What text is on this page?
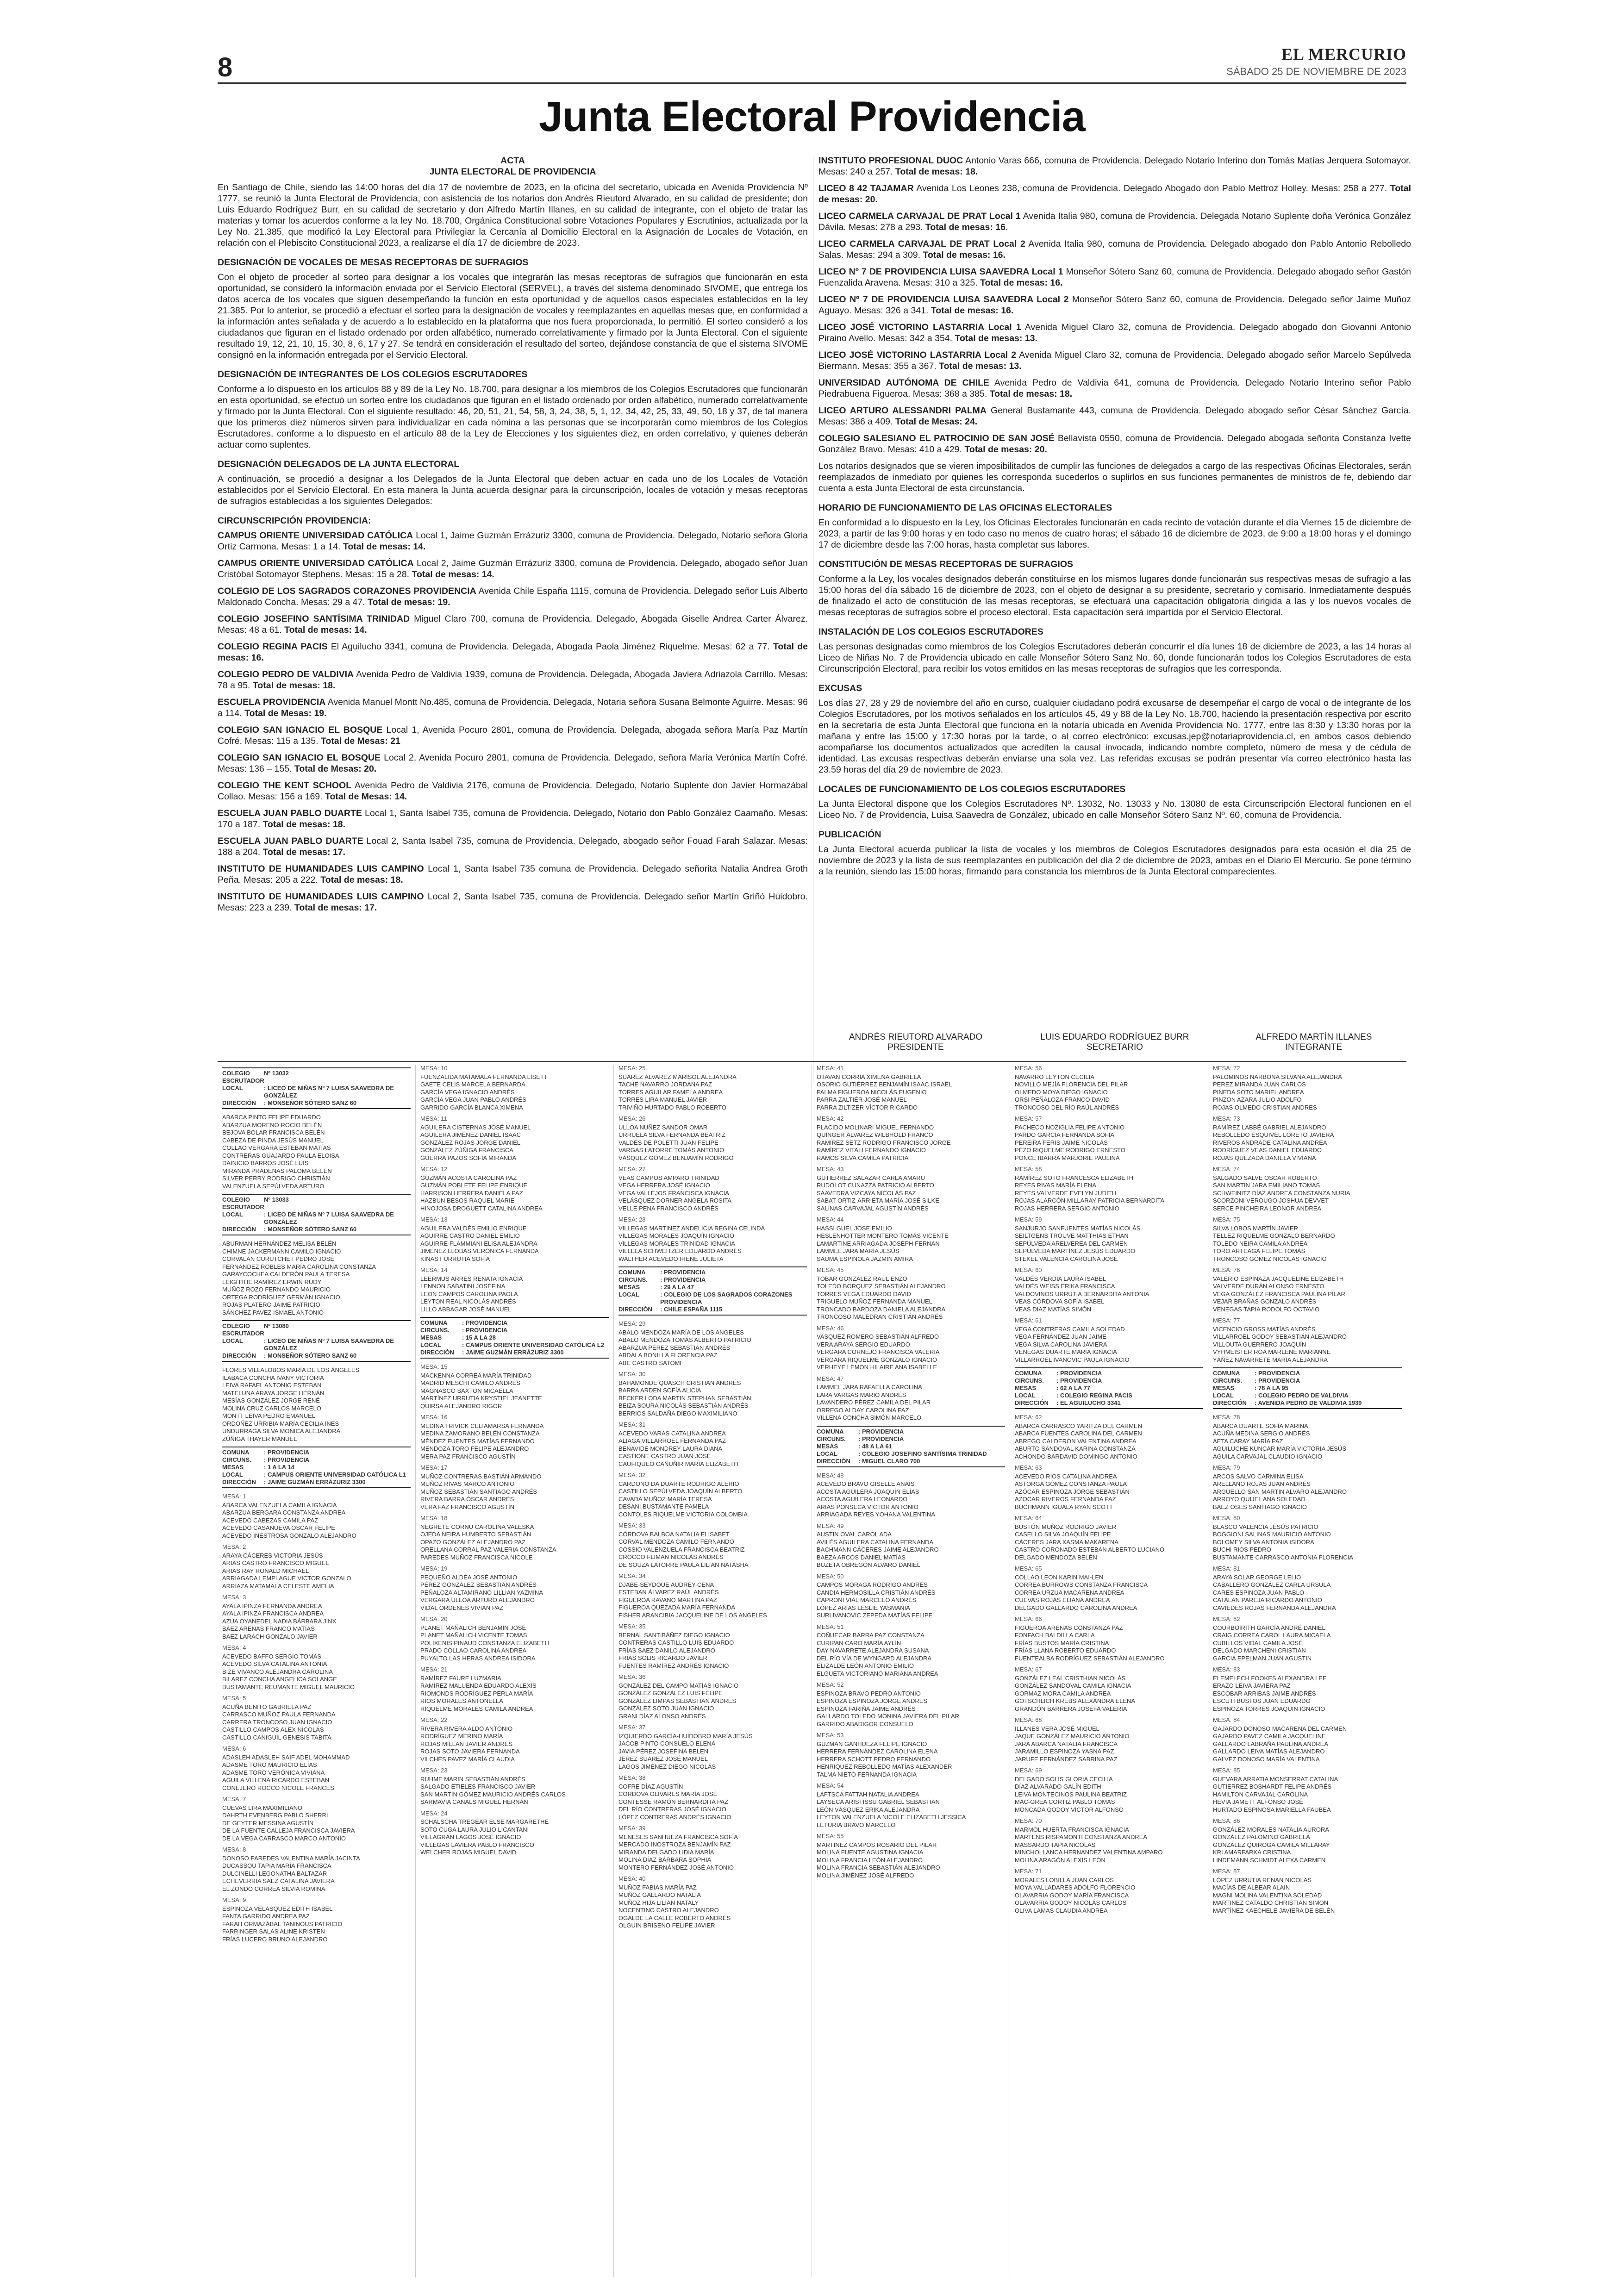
8	EL MERCURIO
SÁBADO 25 DE NOVIEMBRE DE 2023
Junta Electoral Providencia
ACTA
JUNTA ELECTORAL DE PROVIDENCIA

En Santiago de Chile, siendo las 14:00 horas del día 17 de noviembre de 2023, en la oficina del secretario, ubicada en Avenida Providencia Nº 1777, se reunió la Junta Electoral de Providencia, con asistencia de los notarios don Andrés Rieutord Alvarado, en su calidad de presidente; don Luis Eduardo Rodríguez Burr, en su calidad de secretario y don Alfredo Martín Illanes, en su calidad de integrante, con el objeto de tratar las materias y tomar los acuerdos conforme a la ley No. 18.700, Orgánica Constitucional sobre Votaciones Populares y Escrutinios, actualizada por la Ley No. 21.385, que modificó la Ley Electoral para Privilegiar la Cercanía al Domicilio Electoral en la Asignación de Locales de Votación, en relación con el Plebiscito Constitucional 2023, a realizarse el día 17 de diciembre de 2023.

DESIGNACIÓN DE VOCALES DE MESAS RECEPTORAS DE SUFRAGIOS

Con el objeto de proceder al sorteo para designar a los vocales que integrarán las mesas receptoras de sufragios que funcionarán en esta oportunidad, se consideró la información enviada por el Servicio Electoral (SERVEL), a través del sistema denominado SIVOME, que entrega los datos acerca de los vocales que siguen desempeñando la función en esta oportunidad y de aquellos casos especiales establecidos en la ley 21.385. Por lo anterior, se procedió a efectuar el sorteo para la designación de vocales y reemplazantes en aquellas mesas que, en conformidad a la información antes señalada y de acuerdo a lo establecido en la plataforma que nos fuera proporcionada, lo permitió. El sorteo consideró a los ciudadanos que figuran en el listado ordenado por orden alfabético, numerado correlativamente y firmado por la Junta Electoral. Con el siguiente resultado 19, 12, 21, 10, 15, 30, 8, 6, 17 y 27. Se tendrá en consideración el resultado del sorteo, dejándose constancia de que el sistema SIVOME consignó en la información entregada por el Servicio Electoral.

DESIGNACIÓN DE INTEGRANTES DE LOS COLEGIOS ESCRUTADORES

Conforme a lo dispuesto en los artículos 88 y 89 de la Ley No. 18.700, para designar a los miembros de los Colegios Escrutadores que funcionarán en esta oportunidad, se efectuó un sorteo entre los ciudadanos que figuran en el listado ordenado por orden alfabético, numerado correlativamente y firmado por la Junta Electoral. Con el siguiente resultado: 46, 20, 51, 21, 54, 58, 3, 24, 38, 5, 1, 12, 34, 42, 25, 33, 49, 50, 18 y 37, de tal manera que los primeros diez números sirven para individualizar en cada nómina a las personas que se incorporarán como miembros de los Colegios Escrutadores, conforme a lo dispuesto en el artículo 88 de la Ley de Elecciones y los siguientes diez, en orden correlativo, y quienes deberán actuar como suplentes.

DESIGNACIÓN DELEGADOS DE LA JUNTA ELECTORAL

A continuación, se procedió a designar a los Delegados de la Junta Electoral que deben actuar en cada uno de los Locales de Votación establecidos por el Servicio Electoral. En esta manera la Junta acuerda designar para la circunscripción, locales de votación y mesas receptoras de sufragios establecidas a los siguientes Delegados:

CIRCUNSCRIPCIÓN PROVIDENCIA:

CAMPUS ORIENTE UNIVERSIDAD CATÓLICA Local 1, Jaime Guzmán Errázuriz 3300, comuna de Providencia. Delegado, Notario señora Gloria Ortiz Carmona. Mesas: 1 a 14. Total de mesas: 14.

CAMPUS ORIENTE UNIVERSIDAD CATÓLICA Local 2, Jaime Guzmán Errázuriz 3300, comuna de Providencia. Delegado, abogado señor Juan Cristóbal Sotomayor Stephens. Mesas: 15 a 28. Total de mesas: 14.

COLEGIO DE LOS SAGRADOS CORAZONES PROVIDENCIA Avenida Chile España 1115, comuna de Providencia. Delegado señor Luis Alberto Maldonado Concha. Mesas: 29 a 47. Total de mesas: 19.

COLEGIO JOSEFINO SANTÍSIMA TRINIDAD Miguel Claro 700, comuna de Providencia. Delegado, Abogada Giselle Andrea Carter Álvarez. Mesas: 48 a 61. Total de mesas: 14.

COLEGIO REGINA PACIS El Aguilucho 3341, comuna de Providencia. Delegada, Abogada Paola Jiménez Riquelme. Mesas: 62 a 77. Total de mesas: 16.

COLEGIO PEDRO DE VALDIVIA Avenida Pedro de Valdivia 1939, comuna de Providencia. Delegada, Abogada Javiera Adriazola Carrillo. Mesas: 78 a 95. Total de mesas: 18.

ESCUELA PROVIDENCIA Avenida Manuel Montt No.485, comuna de Providencia. Delegada, Notaria señora Susana Belmonte Aguirre. Mesas: 96 a 114. Total de Mesas: 19.

COLEGIO SAN IGNACIO EL BOSQUE Local 1, Avenida Pocuro 2801, comuna de Providencia. Delegada, abogada señora María Paz Martín Cofré. Mesas: 115 a 135. Total de Mesas: 21

COLEGIO SAN IGNACIO EL BOSQUE Local 2, Avenida Pocuro 2801, comuna de Providencia. Delegado, señora María Verónica Martín Cofré. Mesas: 136 – 155. Total de Mesas: 20.

COLEGIO THE KENT SCHOOL Avenida Pedro de Valdivia 2176, comuna de Providencia. Delegado, Notario Suplente don Javier Hormazábal Collao. Mesas: 156 a 169. Total de Mesas: 14.

ESCUELA JUAN PABLO DUARTE Local 1, Santa Isabel 735, comuna de Providencia. Delegado, Notario don Pablo González Caamaño. Mesas: 170 a 187. Total de mesas: 18.

ESCUELA JUAN PABLO DUARTE Local 2, Santa Isabel 735, comuna de Providencia. Delegado, abogado señor Fouad Farah Salazar. Mesas: 188 a 204. Total de mesas: 17.

INSTITUTO DE HUMANIDADES LUIS CAMPINO Local 1, Santa Isabel 735 comuna de Providencia. Delegado señorita Natalia Andrea Groth Peña. Mesas: 205 a 222. Total de mesas: 18.

INSTITUTO DE HUMANIDADES LUIS CAMPINO Local 2, Santa Isabel 735, comuna de Providencia. Delegado señor Martín Griñó Huidobro. Mesas: 223 a 239. Total de mesas: 17.

INSTITUTO PROFESIONAL DUOC Antonio Varas 666, comuna de Providencia. Delegado Notario Interino don Tomás Matías Jerquera Sotomayor. Mesas: 240 a 257. Total de mesas: 18.

LICEO 8 42 TAJAMAR Avenida Los Leones 238, comuna de Providencia. Delegado Abogado don Pablo Mettroz Holley. Mesas: 258 a 277. Total de mesas: 20.

LICEO CARMELA CARVAJAL DE PRAT Local 1 Avenida Italia 980, comuna de Providencia. Delegada Notario Suplente doña Verónica González Dávila. Mesas: 278 a 293. Total de mesas: 16.

LICEO CARMELA CARVAJAL DE PRAT Local 2 Avenida Italia 980, comuna de Providencia. Delegado abogado don Pablo Antonio Rebolledo Salas. Mesas: 294 a 309. Total de mesas: 16.

LICEO Nº 7 DE PROVIDENCIA LUISA SAAVEDRA Local 1 Monseñor Sótero Sanz 60, comuna de Providencia. Delegado abogado señor Gastón Fuenzalida Aravena. Mesas: 310 a 325. Total de mesas: 16.

LICEO Nº 7 DE PROVIDENCIA LUISA SAAVEDRA Local 2 Monseñor Sótero Sanz 60, comuna de Providencia. Delegado señor Jaime Muñoz Aguayo. Mesas: 326 a 341. Total de mesas: 16.

LICEO JOSÉ VICTORINO LASTARRIA Local 1 Avenida Miguel Claro 32, comuna de Providencia. Delegado abogado don Giovanni Antonio Piraino Avello. Mesas: 342 a 354. Total de mesas: 13.

LICEO JOSÉ VICTORINO LASTARRIA Local 2 Avenida Miguel Claro 32, comuna de Providencia. Delegado abogado señor Marcelo Sepúlveda Biermann. Mesas: 355 a 367. Total de mesas: 13.

UNIVERSIDAD AUTÓNOMA DE CHILE Avenida Pedro de Valdivia 641, comuna de Providencia. Delegado Notario Interino señor Pablo Piedrabuena Figueroa. Mesas: 368 a 385. Total de mesas: 18.

LICEO ARTURO ALESSANDRI PALMA General Bustamante 443, comuna de Providencia. Delegado abogado señor César Sánchez García. Mesas: 386 a 409. Total de Mesas: 24.

COLEGIO SALESIANO EL PATROCINIO DE SAN JOSÉ Bellavista 0550, comuna de Providencia. Delegado abogada señorita Constanza Ivette González Bravo. Mesas: 410 a 429. Total de mesas: 20.

Los notarios designados que se vieren imposibilitados de cumplir las funciones de delegados a cargo de las respectivas Oficinas Electorales, serán reemplazados de inmediato por quienes les corresponda sucederlos o suplirlos en sus funciones permanentes de ministros de fe, debiendo dar cuenta a esta Junta Electoral de esta circunstancia.

HORARIO DE FUNCIONAMIENTO DE LAS OFICINAS ELECTORALES

En conformidad a lo dispuesto en la Ley, los Oficinas Electorales funcionarán en cada recinto de votación durante el día Viernes 15 de diciembre de 2023, a partir de las 9:00 horas y en todo caso no menos de cuatro horas; el sábado 16 de diciembre de 2023, de 9:00 a 18:00 horas y el domingo 17 de diciembre desde las 7:00 horas, hasta completar sus labores.

CONSTITUCIÓN DE MESAS RECEPTORAS DE SUFRAGIOS

Conforme a la Ley, los vocales designados deberán constituirse en los mismos lugares donde funcionarán sus respectivas mesas de sufragio a las 15:00 horas del día sábado 16 de diciembre de 2023, con el objeto de designar a su presidente, secretario y comisario. Inmediatamente después de finalizado el acto de constitución de las mesas receptoras, se efectuará una capacitación obligatoria dirigida a las y los nuevos vocales de mesas receptoras de sufragios sobre el proceso electoral. Esta capacitación será impartida por el Servicio Electoral.

INSTALACIÓN DE LOS COLEGIOS ESCRUTADORES

Las personas designadas como miembros de los Colegios Escrutadores deberán concurrir el día lunes 18 de diciembre de 2023, a las 14 horas al Liceo de Niñas No. 7 de Providencia ubicado en calle Monseñor Sótero Sanz No. 60, donde funcionarán todos los Colegios Escrutadores de esta Circunscripción Electoral, para recibir los votos emitidos en las mesas receptoras de sufragios que les corresponda.

EXCUSAS

Los días 27, 28 y 29 de noviembre del año en curso, cualquier ciudadano podrá excusarse de desempeñar el cargo de vocal o de integrante de los Colegios Escrutadores, por los motivos señalados en los artículos 45, 49 y 88 de la Ley No. 18.700, haciendo la presentación respectiva por escrito en la secretaría de esta Junta Electoral que funciona en la notaría ubicada en Avenida Providencia No. 1777, entre las 8:30 y 13:30 horas por la mañana y entre las 15:00 y 17:30 horas por la tarde, o al correo electrónico: excusas.jep@notariaprovidencia.cl, en ambos casos debiendo acompañarse los documentos actualizados que acrediten la causal invocada, indicando nombre completo, número de mesa y de cédula de identidad. Las excusas respectivas deberán enviarse una sola vez. Las referidas excusas se podrán presentar vía correo electrónico hasta las 23.59 horas del día 29 de noviembre de 2023.

LOCALES DE FUNCIONAMIENTO DE LOS COLEGIOS ESCRUTADORES

La Junta Electoral dispone que los Colegios Escrutadores Nº. 13032, No. 13033 y No. 13080 de esta Circunscripción Electoral funcionen en el Liceo No. 7 de Providencia, Luisa Saavedra de González, ubicado en calle Monseñor Sótero Sanz Nº. 60, comuna de Providencia.

PUBLICACIÓN

La Junta Electoral acuerda publicar la lista de vocales y los miembros de Colegios Escrutadores designados para esta ocasión el día 25 de noviembre de 2023 y la lista de sus reemplazantes en publicación del día 2 de diciembre de 2023, ambas en el Diario El Mercurio. Se pone término a la reunión, siendo las 15:00 horas, firmando para constancia los miembros de la Junta Electoral comparecientes.

ANDRÉS RIEUTORD ALVARADO
PRESIDENTE
LUIS EDUARDO RODRÍGUEZ BURR
SECRETARIO
ALFREDO MARTÍN ILLANES
INTEGRANTE
COLEGIO ESCRUTADOR
Nº 13032
LOCAL	: LICEO DE NIÑAS Nº 7 LUISA SAAVEDRA DE GONZÁLEZ
DIRECCIÓN	: MONSEÑOR SÓTERO SANZ 60
ABARCA PINTO FELIPE EDUARDO
ABARZUA MORENO ROCIO BELÉN
BEJOVA BOLAR FRANCISCA BELÉN
CABEZA DE PINDA JESÚS MANUEL
COLLAO VERGARA ESTEBAN MATÍAS
CONTRERAS GUAJARDO PAULA ELOISA
DAINICIO BARROS JOSÉ LUIS
MIRANDA PRADENAS PALOMA BELÉN
SILVER PERRY RODRIGO CHRISTIÁN
VALENZUELA SEPÚLVEDA ARTURO
COLEGIO ESCRUTADOR
Nº 13033
LOCAL	: LICEO DE NIÑAS Nº 7 LUISA SAAVEDRA DE GONZÁLEZ
DIRECCIÓN	: MONSEÑOR SÓTERO SANZ 60
ABURMAN HERNÁNDEZ MELISA BELÉN
CHIMNE JACKERMANN CAMILO IGNACIO
CORVALÁN CURUTCHET PEDRO JOSÉ
FERNÁNDEZ ROBLES MARÍA CAROLINA CONSTANZA
GARAYCOCHEA CALDERÓN PAULA TERESA
LEIGHTHE RAMÍREZ ERWIN RUDY
MUÑOZ ROZO FERNANDO MAURICIO
ORTEGA RODRÍGUEZ GERMÁN IGNACIO
ROJAS PLATERO JAIME PATRICIO
SÁNCHEZ PAVEZ ISMAEL ANTONIO
COLEGIO ESCRUTADOR
Nº 13080
LOCAL	: LICEO DE NIÑAS Nº 7 LUISA SAAVEDRA DE GONZÁLEZ
DIRECCIÓN	: MONSEÑOR SÓTERO SANZ 60
FLORES VILLALOBOS MARÍA DE LOS ÁNGELES
ILABACA CONCHA IVANY VICTORIA
LEIVA RAFAEL ANTONIO ESTEBAN
MATELUNA ARAYA JORGE HERNÁN
MESÍAS GONZÁLEZ JORGE RENÉ
MOLINA CRUZ CARLOS MARCELO
MONTT LEIVA PEDRO EMANUEL
ORDOÑEZ URRIBIA MARÍA CECILIA INES
UNDURRAGA SILVA MONICA ALEJANDRA
ZÚÑIGA THAYER MANUEL
COMUNA	: PROVIDENCIA
CIRCUNS.	: PROVIDENCIA
MESAS	: 1 A LA 14
LOCAL	: CAMPUS ORIENTE UNIVERSIDAD CATÓLICA L1
DIRECCIÓN	: JAIME GUZMÁN ERRÁZURIZ 3300
MESA: 1
ABARCA VALENZUELA CAMILA IGNACIA
ABARZUA BERGARA CONSTANZA ANDREA
ACEVEDO CABEZAS CAMILA PAZ
ACEVEDO CASANUEVA OSCAR FELIPE
ACEVEDO INESTROSA GONZALO ALEJANDRO
MESA: 2
ARAYA CÁCERES VICTORIA JESÚS
ARIAS CASTRO FRANCISCO MIGUEL
ARIAS RAY RONALD MICHAEL
ARRIAGADA LEMPLAGUE VICTOR GONZALO
ARRIAZA MATAMALA CELESTE AMELIA
MESA: 3
AYALA IPINZA FERNANDA ANDREA
AYALA IPINZA FRANCISCA ANDREA
AZUA OYANEDEL NADIA BÁRBARA JINX
BÁEZ ARENAS FRANCO MATÍAS
BAEZ LARACH GONZALO JAVIER
MESA: 4
ACEVEDO BAFFO SERGIO TOMAS
ACEVEDO SILVA CATALINA ANTONIA
BIZE VIVANCO ALEJANDRA CAROLINA
BILAREZ CONCHA ANGELICA SOLANGE
BUSTAMANTE REUMANTE MIGUEL MAURICIO
MESA: 5
ACUÑA BENITO GABRIELA PAZ
CARRASCO MUÑOZ PAULA FERNANDA
CARRERA TRONCOSO JUAN IGNACIO
CASTILLO CAMPOS ALEX NICOLÁS
CASTILLO CANIGUIL GENESIS TABITA
MESA: 6
ADASLEH ADASLEH SAIF ADEL MOHAMMAD
ADASME TORO MAURICIO ELÍAS
ADASME TORO VERÓNICA VIVIANA
AGUILA VILLENA RICARDO ESTEBAN
CONEJERO ROCCO NICOLE FRANCES
MESA: 7
CUEVAS LIRA MAXIMILIANO
DAHRTH EVENBERG PABLO SHERRI
DE GEYTER MESSINA AGUSTÍN
DE LA FUENTE CALLEJA FRANCISCA JAVIERA
DE LA VEGA CARRASCO MARCO ANTONIO
MESA: 8
DONOSO PAREDES VALENTINA MARÍA JACINTA
DUCASSOU TAPIA MARÍA FRANCISCA
DULCINELLI LEGONATHA BALTAZAR
ECHEVERRIA SAEZ CATALINA JAVIERA
EL ZONDO CORREA SILVIA ROMINA
MESA: 9
ESPINOZA VELÁSQUEZ EDITH ISABEL
FANTA GARRIDO ANDREA PAZ
FARAH ORMAZÁBAL TANINOUS PATRICIO
FARRINGER SALAS ALINE KRISTEN
FRÍAS LUCERO BRUNO ALEJANDRO
MESA: 10
FUENZALIDA MATAMALA FERNANDA LISETT
GAETE CELIS MARCELA BERNARDA
GARCÍA VEGA IGNACIO ANDRÉS
GARCÍA VEGA JUAN PABLO ANDRÉS
GARRIDO GARCÍA BLANCA XIMENA
MESA: 11
AGUILERA CISTERNAS JOSÉ MANUEL
AGUILERA JIMÉNEZ DANIEL ISAAC
GONZÁLEZ ROJAS JORGE DANIEL
GONZÁLEZ ZÚÑIGA FRANCISCA
GUERRA PAZOS SOFÍA MIRANDA
MESA: 12
GUZMÁN ACOSTA CAROLINA PAZ
GUZMÁN POBLETE FELIPE ENRIQUE
HARRISON HERRERA DANIELA PAZ
HAZBUN BESOS RAQUEL MARIE
HINOJOSA DROGUETT CATALINA ANDREA
MESA: 13
AGUILERA VALDÉS EMILIO ENRIQUE
AGUIRRE CASTRO DANIEL EMILIO
AGUIRRE FLAMMIANI ELISA ALEJANDRA
JIMÉNEZ LLOBAS VERÓNICA FERNANDA
KINAST URRUTIA SOFÍA
MESA: 14
LEERMUS ARRES RENATA IGNACIA
LENNON SABATINI JOSEFINA
LEON CAMPOS CAROLINA PAOLA
LEYTON REAL NICOLÁS ANDRÉS
LILLO ABBAGAR JOSÉ MANUEL
COMUNA	: PROVIDENCIA
CIRCUNS.	: PROVIDENCIA
MESAS	: 15 A LA 28
LOCAL	: CAMPUS ORIENTE UNIVERSIDAD CATÓLICA L2
DIRECCIÓN	: JAIME GUZMÁN ERRÁZURIZ 3300
MESA: 15
MACKENNA CORREA MARÍA TRINIDAD
MADRID MESCHI CAMILO ANDRÉS
MAGNASCO SAXTON MICAELLA
MARTÍNEZ URRUTIA KRYSTIEL JEANETTE
QUIRSA ALEJANDRO RIGOR
MESA: 16
MEDINA TRIVICK CELIAMARSA FERNANDA
MEDINA ZAMORANO BELÉN CONSTANZA
MÉNDEZ FUENTES MATÍAS FERNANDO
MENDOZA TORO FELIPE ALEJANDRO
MERA PAZ FRANCISCO AGUSTÍN
MESA: 17
MUÑOZ CONTRERAS BASTIÁN ARMANDO
MUÑOZ RIVAS MARCO ANTONIO
MUÑOZ SEBASTIÁN SANTIAGO ANDRÉS
RIVERA BARRA ÓSCAR ANDRÉS
VERA FAZ FRANCISCO AGUSTÍN
MESA: 18
NEGRETE CORNU CAROLINA VALESKA
OJEDA NEIRA HUMBERTO SEBASTIÁN
OPAZO GONZÁLEZ ALEJANDRO PAZ
ORELLANA CORRAL PAZ VALERIA CONSTANZA
PAREDES MUÑOZ FRANCISCA NICOLE
MESA: 19
PEQUEÑO ALDEA JOSÉ ANTONIO
PÉREZ GONZÁLEZ SEBASTIÁN ANDRÉS
PEÑALOZA ALTAMIRANO LILLIAN YAZMINA
VERGARA ULLOA ARTURO ALEJANDRO
VIDAL ORDENES VIVIAN PAZ
MESA: 20
PLANET MAÑALICH BENJAMÍN JOSÉ
PLANET MAÑALICH VICENTE TOMAS
POLIXENIS PINAUD CONSTANZA ELIZABETH
PRADO COLLAO CAROLINA ANDREA
PUYALTO LAS HERAS ANDREA ISIDORA
MESA: 21
RAMÍREZ FAURE LUZMARIA
RAMÍREZ MALUENDA EDUARDO ALEXIS
RIOMONDS RODRÍGUEZ PERLA MARÍA
RIOS MORALES ANTONELLA
RIQUELME MORALES CAMILA ANDREA
MESA: 22
RIVERA RIVERA ALDO ANTONIO
RODRÍGUEZ MERINO MARÍA
ROJAS MILLAN JAVIER ANDRÉS
ROJAS SOTO JAVIERA FERNANDA
VILCHES PAVEZ MARÍA CLAUDIA
MESA: 23
RUHME MARIN SEBASTIÁN ANDRÉS
SALGADO ETIELES FRANCISCO JAVIER
SAN MARTIN GÓMEZ MAURICIO ANDRÉS CARLOS
SARMAVIA CANALS MIGUEL HERNÁN
MESA: 24
SCHALSCHA TREGEAR ELSE MARGARETHE
SOTO CUGA LAURA JULIO LICANTANI
VILLAGRÁN LAGOS JOSÉ IGNACIO
VILLEGAS LAVIERA PABLO FRANCISCO
WELCHER ROJAS MIGUEL DAVID
MESA: 25
SUAREZ ÁLVAREZ MARISOL ALEJANDRA
TACHE NAVARRO JORDANA PAZ
TORRES AGUILAR FAMELA ANDREA
TORRES LIRA MANUEL JAVIER
TRIVIÑO HURTADO PABLO ROBERTO
MESA: 26
ULLOA NUÑEZ SANDOR OMAR
URRUELA SILVA FERNANDA BEATRIZ
VALDÉS DE POLETTI JUAN FELIPE
VARGAS LATORRE TOMÁS ANTONIO
VÁSQUEZ GÓMEZ BENJAMÍN RODRIGO
MESA: 27
VEAS CAMPOS AMPARO TRINIDAD
VEGA HERRERA JOSÉ IGNACIO
VEGA VALLEJOS FRANCISCA IGNACIA
VELÁSQUEZ DORNER ANGELA ROSITA
VELLE PENA FRANCISCO ANDRÉS
MESA: 28
VILLEGAS MARTINEZ ANDELICIA REGINA CELINDA
VILLEGAS MORALES JOAQUÍN IGNACIO
VILLEGAS MORALES TRINIDAD IGNACIA
VILLELA SCHWEITZER EDUARDO ANDRÉS
WALTHER ACEVEDO IRENE JULIETA
COMUNA	: PROVIDENCIA
CIRCUNS.	: PROVIDENCIA
MESAS	: 29 A LA 47
LOCAL	: COLEGIO DE LOS SAGRADOS CORAZONES PROVIDENCIA
DIRECCIÓN	: CHILE ESPAÑA 1115
MESA: 29
ABALO MENDOZA MARÍA DE LOS ANGELES
ABALO MENDOZA TOMÁS ALBERTO PATRICIO
ABARZUA PÉREZ SEBASTIÁN ANDRÉS
ABDALA BONILLA FLORENCIA PAZ
ABE CASTRO SATOMI
MESA: 30
BAHAMONDE QUASCH CRISTIAN ANDRÉS
BARRA ARDEN SOFÍA ALICIA
BECKER LODA MARTIN STEPHAN SEBASTIÁN
BEIZA SOURA NICOLÁS SEBASTIÁN ANDRÉS
BERRIOS SALDAÑA DIEGO MAXIMILIANO
MESA: 31
ACEVEDO VARAS CATALINA ANDREA
ALIAGA VILLARROEL FERNANDA PAZ
BENAVIDE MONDREY LAURA DIANA
CASTIONE CASTRO JUAN JOSÉ
CAUFIQUEO CAÑUÑIR MARÍA ELIZABETH
MESA: 32
CARDONO DA DUARTE RODRIGO ALERIO
CASTILLO SEPÚLVEDA JOAQUÍN ALBERTO
CAVADA MUÑOZ MARÍA TERESA
DESANI BUSTAMANTE PAMELA
CONTOLES RIQUELME VICTORIA COLOMBIA
MESA: 33
CÓRDOVA BALBOA NATALIA ELISABET
CORVAL MENDOZA CAMILO FERNANDO
COSSIO VALENZUELA FRANCISCA BEATRIZ
CROCCO FLIMAN NICOLÁS ANDRÉS
DE SOUZA LATORRE PAULA LILIAN NATASHA
MESA: 34
DJABE-SEYDOUE AUDREY-CENA
ESTEBAN ÁLVAREZ RAÚL ANDRÉS
FIGUEROA RAVANO MARTINA PAZ
FIGUEROA QUEZADA MARÍA FERNANDA
FISHER ARANCIBIA JACQUELINE DE LOS ANGELES
MESA: 35
BERNAL SANTIBÁÑEZ DIEGO IGNACIO
CONTRERAS CASTILLO LUIS EDUARDO
FRÍAS SAEZ DANILO ALEJANDRO
FRÍAS SOLIS RICARDO JAVIER
FUENTES RAMÍREZ ANDRÉS IGNACIO
MESA: 36
GONZÁLEZ DEL CAMPO MATÍAS IGNACIO
GONZÁLEZ GONZÁLEZ LUIS FELIPE
GONZÁLEZ LIMPAS SEBASTIÁN ANDRÉS
GONZÁLEZ SOTO JUAN IGNACIO
GRANI DÍAZ ALONSO ANDRÉS
MESA: 37
IZQUIERDO GARCÍA-HUIDOBRO MARÍA JESÚS
JACOB PINTO CONSUELO ELENA
JAVIA PÉREZ JOSEFINA BELEN
JEREZ SUAREZ JOSÉ MANUEL
LAGOS JIMÉNEZ DIEGO NICOLÁS
MESA: 38
COFRE DÍAZ AGUSTÍN
CORDOVA OLIVARES MARÍA JOSÉ
CONTESSE RAMÓN BERNARDITA PAZ
DEL RÍO CONTRERAS JOSÉ IGNACIO
LÓPEZ CONTRERAS ANDRÉS IGNACIO
MESA: 39
MENESES SANHUEZA FRANCISCA SOFÍA
MERCADO INOSTROZA BENJAMÍN PAZ
MIRANDA DELGADO LIDIA MARÍA
MOLINA DÍAZ BÁRBARA SOPHIA
MONTERO FERNÁNDEZ JOSÉ ANTONIO
MESA: 40
MUÑOZ FABIAS MARÍA PAZ
MUÑOZ GALLARDO NATALIA
MUÑOZ HIJA LILIAN NATALY
NOCENTINO CASTRO ALEJANDRO
OGALDE LA CALLE ROBERTO ANDRÉS
OLGUIN BRISENO FELIPE JAVIER
MESA: 41
OTAVAN CORRÍA XIMENA GABRIELA
OSORIO GUTIÉRREZ BENJAMÍN ISAAC ISRAEL
PALMA FIGUEROA NICOLÁS EUGENIO
PARRA ZALTIÉR JOSÉ MANUEL
PARRA ZILTIZER VÍCTOR RICARDO
MESA: 42
PLACIDO MOLINARI MIGUEL FERNANDO
QUINGER ÁLVAREZ WILBHOLD FRANCO
RAMÍREZ SETZ RODRIGO FRANCISCO JORGE
RAMÍREZ VITALI FERNANDO IGNACIO
RAMOS SILVA CAMILA PATRICIA
MESA: 43
GUTIERREZ SALAZAR CARLA AMARU
RUDOLOT CUNAZZA PATRICIO ALBERTO
SAAVEDRA VIZCAYA NICOLÁS PAZ
SABAT ORTIZ-ARRIETA MARÍA JOSÉ SILKE
SALINAS CARVAJAL AGUSTÍN ANDRÉS
MESA: 44
HASSI GUEL JOSE EMILIO
HESLENHOTTER MONTERO TOMÁS VICENTE
LAMARTINE ARRIAGADA JOSEPH FERNAN
LAMMEL JARA MARÍA JESÚS
SAUMA ESPINOLA JAZMIN AMIRA
MESA: 45
TOBAR GONZÁLEZ RAÚL ENZO
TOLEDO BORQUEZ SEBASTIÁN ALEJANDRO
TORRES VEGA EDUARDO DAVID
TRIGUELO MUÑOZ FERNANDA MANUEL
TRONCADO BARDOZA DANIELA ALEJANDRA
TRONCOSO MALEDRAN CRISTIÁN ANDRÉS
MESA: 46
VASQUEZ ROMERO SEBASTIÁN ALFREDO
VERA ARAYA SERGIO EDUARDO
VERGARA CORNEJO FRANCISCA VALERIA
VERGARA RIQUELME GONZALO IGNACIO
VERHEYE LEMON HILAIRE ANA ISABELLE
MESA: 47
LAMMEL JARA RAFAELLA CAROLINA
LARA VARGAS MARIO ANDRÉS
LAVANDERO PÉREZ CAMILA DEL PILAR
ORREGO ALDAY CAROLINA PAZ
VILLENA CONCHA SIMÓN MARCELO
COMUNA	: PROVIDENCIA
CIRCUNS.	: PROVIDENCIA
MESAS	: 48 A LA 61
LOCAL	: COLEGIO JOSEFINO SANTÍSIMA TRINIDAD
DIRECCIÓN	: MIGUEL CLARO 700
MESA: 48
ACEVEDO BRAVO GISELLE ANAIS
ACOSTA AGUILERA JOAQUÍN ELÍAS
ACOSTA AGUILERA LEONARDO
ARIAS PONSECA VICTOR ANTONIO
ARRIAGADA REYES YOHANA VALENTINA
MESA: 49
AUSTIN OVAL CAROL ADA
AVILÉS AGUILERA CATALINA FERNANDA
BACHMANN CÁCERES JAIME ALEJANDRO
BAEZA ARCOS DANIEL MATÍAS
BUZETA OBREGÓN ALVARO DANIEL
MESA: 50
CAMPOS MORAGA RODRIGO ANDRÉS
CANDIA HERMOSILLA CRISTIÁN ANDRÉS
CAPRONI VIAL MARCELO ANDRÉS
LÓPEZ ARIAS LESLIE YASMANIA
SURLIVANOVIC ZEPEDA MATÍAS FELIPE
MESA: 51
COÑUECAR BARRA PAZ CONSTANZA
CURIPAN CARO MARÍA AYLÍN
DAY NAVARRETE ALEJANDRA SUSANA
DEL RÍO VÍA DE WYNGARD ALEJANDRA
ELIZALDE LEÓN ANTONIO EMILIO
ELGUETA VICTORIANO MARIANA ANDREA
MESA: 52
ESPINOZA BRAVO PEDRO ANTONIO
ESPINOZA ESPINOZA JORGE ANDRÉS
ESPINOZA FARIÑA JAIME ANDRÉS
GALLARDO TOLEDO MONINA JAVIERA DEL PILAR
GARRIDO ABADIGOR CONSUELO
MESA: 53
GUZMÁN GANHUEZA FELIPE IGNACIO
HERRERA FERNÁNDEZ CAROLINA ELENA
HERRERA SCHOTT PEDRO FERNANDO
HENRIQUEZ REBOLLEDO MATÍAS ALEXANDER
TALMA NIETO FERNANDA IGNACIA
MESA: 54
LAFTSCA FATTAH NATALIA ANDREA
LAYSECA ARISTÍSSU GABRIEL SEBASTIÁN
LEÓN VÁSQUEZ ERIKA ALEJANDRA
LEYTON VALENZUELA NICOLE ELIZABETH JESSICA
LETURIA BRAVO MARCELO
MESA: 55
MARTÍNEZ CAMPOS ROSARIO DEL PILAR
MOLINA FUENTE AGUSTINA IGNACIA
MOLINA FRANCIA LEÓN ALEJANDRO
MOLINA FRANCIA SEBASTIÁN ALEJANDRO
MOLINA JIMÉNEZ JOSÉ ALFREDO
MESA: 56
NAVARRO LEYTON CECILIA
NOVILLO MEJÍA FLORENCIA DEL PILAR
OLMEDO MOYA DIEGO IGNACIO
ORSI PEÑALOZA FRANCO DAVID
TRONCOSO DEL RÍO RAÚL ANDRÉS
MESA: 57
PACHECO NOZIGLIA FELIPE ANTONIO
PARDO GARCÍA FERNANDA SOFÍA
PEREIRA FERIS JAIME NICOLÁS
PÉZO RIQUELME RODRIGO ERNESTO
PONCE IBARRA MARJORIE PAULINA
MESA: 58
RAMÍREZ SOTO FRANCESCA ELIZABETH
REYES RIVAS MARÍA ELENA
REYES VALVERDE EVELYN JUDITH
ROJAS ALARCÓN MILLARAY PATRICIA BERNARDITA
ROJAS HERRERA SERGIO ANTONIO
MESA: 59
SANJURJO SANFUENTES MATÍAS NICOLÁS
SEILTGENS TROUVE MATTHIAS ETHAN
SEPÚLVEDA ARELVEREA DEL CARMEN
SEPÚLVEDA MARTÍNEZ JESÚS EDUARDO
STEKEL VALENCIA CAROLINA JOSÉ
MESA: 60
VALDÉS VERDIA LAURA ISABEL
VALDÉS WEISS ERIKA FRANCISCA
VALDOVINOS URRUTIA BERNARDITA ANTONIA
VEAS CÓRDOVA SOFÍA ISABEL
VEAS DIAZ MATÍAS SIMÓN
MESA: 61
VEGA CONTRERAS CAMILA SOLEDAD
VEGA FERNÁNDEZ JUAN JAIME
VEGA SILVA CAROLINA JAVIERA
VENEGAS DUARTE MARÍA IGNACIA
VILLARROEL IVANOVIC PAULA IGNACIO
COMUNA	: PROVIDENCIA
CIRCUNS.	: PROVIDENCIA
MESAS	: 62 A LA 77
LOCAL	: COLEGIO REGINA PACIS
DIRECCIÓN	: EL AGUILUCHO 3341
MESA: 62
ABARCA CARRASCO YARITZA DEL CARMEN
ABARCA FUENTES CAROLINA DEL CARMEN
ABREGO CALDERON VALENTINA ANDREA
ABURTO SANDOVAL KARINA CONSTANZA
ACHONDO BARDAVID DOMINGO ANTONIO
MESA: 63
ACEVEDO RIOS CATALINA ANDREA
ASTORGA GÓMEZ CONSTANZA PAOLA
AZÓCAR ESPINOZA JORGE SEBASTIÁN
AZOCAR RIVEROS FERNANDA PAZ
BUCHMANN IGUALA RYAN SCOTT
MESA: 64
BUSTÓN MUÑOZ RODRIGO JAVIER
CASELLO SILVA JOAQUÍN FELIPE
CÁCERES JARA XASMA MAKARENA
CASTRO CORONADO ESTEBAN ALBERTO LUCIANO
DELGADO MENDOZA BELÉN
MESA: 65
COLLAO LEON KARIN MAI-LEN
CORREA BURROWS CONSTANZA FRANCISCA
CORREA URZUA MACARENA ANDREA
CUEVAS ROJAS ELIANA ANDREA
DELGADO GALLARDO CAROLINA ANDREA
MESA: 66
FIGUEROA ARENAS CONSTANZA PAZ
FONFACH BALDILLA CARLA
FRÍAS BUSTOS MARÍA CRISTINA
FRÍAS LLANA ROBERTO EDUARDO
FUENTEALBA RODRÍGUEZ SEBASTIÁN ALEJANDRO
MESA: 67
GONZÁLEZ LEAL CRISTHIAN NICOLÁS
GONZÁLEZ SANDOVAL CAMILA IGNACIA
GORMAZ MORA CAMILA ANDREA
GOTSCHLICH KREBS ALEXANDRA ELENA
GRANDÓN BARRERA JOSEFA VALERIA
MESA: 68
ILLANES VERA JOSÉ MIGUEL
JAQUE GONZÁLEZ MAURICIO ANTONIO
JARA ABARCA NATALIA FRANCISCA
JARAMILLO ESPINOZA YASNA PAZ
JARUFE FERNÁNDEZ SABRINA PAZ
MESA: 69
DELGADO SOLIS GLORIA CECILIA
DÍAZ ALVARADO GALÍN EDITH
LEIVA MONTECINOS PAULINA BEATRIZ
MAC-GREA CORTIZ PABLO TOMAS
MONCADA GODOY VÍCTOR ALFONSO
MESA: 70
MARMOL HUERTA FRANCISCA IGNACIA
MARTENS RISPAMONTI CONSTANZA ANDREA
MASSARDO TAPIA NICOLAS
MINCHOLLANCA HERNANDEZ VALENTINA AMPARO
MOLINA ARAGÓN ALEXIS LEÓN
MESA: 71
MORALES LOBILLA JUAN CARLOS
MOYA VALLADARES ADOLFO FLORENCIO
OLAVARRIA GODOY MARÍA FRANCISCA
OLAVARRIA GODOY NICOLÁS CARLOS
OLIVA LAMAS CLAUDIA ANDREA
MESA: 72
PALOMINOS NARBONA SILVANA ALEJANDRA
PEREZ MIRANDA JUAN CARLOS
PINEDA SOTO MARIEL ANDREA
PINZON AZARA JULIO ADOLFO
ROJAS OLMEDO CRISTIAN ANDRES
MESA: 73
RAMÍREZ LABBÉ GABRIEL ALEJANDRO
REBOLLEDO ESQUIVEL LORETO JAVIERA
RIVEROS ANDRADE CATALINA ANDREA
RODRÍGUEZ VEAS DANIEL EDUARDO
ROJAS QUEZADA DANIELA VIVIANA
MESA: 74
SALGADO SALVE OSCAR ROBERTO
SAN MARTIN JARA EMILIANO TOMAS
SCHWEINITZ DÍAZ ANDREA CONSTANZA NURIA
SCORZONI VEROUGO JOSHUA DEVVET
SERCE PINCHEIRA LEONOR ANDREA
MESA: 75
SILVA LOBOS MARTÍN JAVIER
TELLEZ RIQUELME GONZALO BERNARDO
TOLEDO NEIRA CAMILA ANDREA
TORO ARTEAGA FELIPE TOMÁS
TRONCOSO GÓMEZ NICOLÁS IGNACIO
MESA: 76
VALERIO ESPINAZA JACQUELINE ELIZABETH
VALVERDE DURÁN ALONSO ERNESTO
VEGA GONZÁLEZ FRANCISCA PAULINA PILAR
VEJAR BRAÑAS GONZALO ANDRÉS
VENEGAS TAPIA RODOLFO OCTAVIO
MESA: 77
VICENCIO GROSS MATÍAS ANDRÉS
VILLARROEL GODOY SEBASTIÁN ALEJANDRO
VILLOUTA GUERRERO JOAQUÍN
VYHMEISTER ROA MARLENE MARIANNE
YÁÑEZ NAVARRETE MARÍA ALEJANDRA
COMUNA	: PROVIDENCIA
CIRCUNS.	: PROVIDENCIA
MESAS	: 78 A LA 95
LOCAL	: COLEGIO PEDRO DE VALDIVIA
DIRECCIÓN	: AVENIDA PEDRO DE VALDIVIA 1939
MESA: 78
ABARCA DUARTE SOFÍA MARINA
ACUÑA MEDINA SERGIO ANDRÉS
AETA CARAY MARÍA PAZ
AGUILUCHE KUNCAR MARÍA VICTORIA JESÚS
AGUILA CARVAJAL CLAUDIO IGNACIO
MESA: 79
ARCOS SALVO CARMINA ELISA
ARELLANO ROJAS JUAN ANDRÉS
ARGÜELLO SAN MARTIN ALVARO ALEJANDRO
ARROYO QUIJEL ANA SOLEDAD
BAEZ OSES SANTIAGO IGNACIO
MESA: 80
BLASCO VALENCIA JESÚS PATRICIO
BOGGIONI SALINAS MAURICIO ANTONIO
BOLOMEY SILVA ANTONIA ISIDORA
BUCHI RIOS PEDRO
BUSTAMANTE CARRASCO ANTONIA FLORENCIA
MESA: 81
ARAYA SOLAR GEORGE LELIO
CABALLERO GONZÁLEZ CARLA URSULA
CARES ESPINOZA JUAN PABLO
CATALAN PAREJA RICARDO ANTONIO
CAVIEDES ROJAS FERNANDA ALEJANDRA
MESA: 82
COURBOIRITH GARCÍA ANDRÉ DANIEL
CRAIG CORREA CAROL LAURA MICAELA
CUBILLOS VIDAL CAMILA JOSÉ
DELGADO MARCHENI CRISTIAN
GARCIA EPELMAN JUAN AGUSTIN
MESA: 83
ELEMELECH FOOKES ALEXANDRA LEE
ERAZO LEIVA JAVIERA PAZ
ESCOBAR ARRIBAS JAIME ANDRÉS
ESCUTI BUSTOS JUAN EDUARDO
ESPINOZA TORRES JOAQUIN IGNACIO
MESA: 84
GAJARDO DONOSO MACARENA DEL CARMEN
GAJARDO PAVEZ CAMILA JACQUELINE
GALLARDO LABRAÑA PAULINA ANDREA
GALLARDO LEIVA MATÍAS ALEJANDRO
GALVEZ DONOSO MARÍA VALENTINA
MESA: 85
GUEVARA ARRATIA MONSERRAT CATALINA
GUTIERREZ BOSHARDT FELIPE ANDRÉS
HAMILTON CARVAJAL CAROLINA
HEVIA JAMETT ALFONSO JOSÉ
HURTADO ESPINOSA MARIELLA FAUBEA
MESA: 86
GONZÁLEZ MORALES NATALIA AURORA
GONZÁLEZ PALOMINO GABRIELA
GONZÁLEZ QUIROGA CAMILA MILLARAY
KRI AMARFARKA CRISTINA
LINDEMANN SCHMIDT ALEXA CARMEN
MESA: 87
LÓPEZ URRUTIA RENAN NICOLAS
MACÍAS DE ALBEAR ALAIN
MAGNI MOLINA VALENTINA SOLEDAD
MARTINEZ CATALDO CHRISTIAN SIMON
MARTÍNEZ KAECHELE JAVIERA DE BELÉN
